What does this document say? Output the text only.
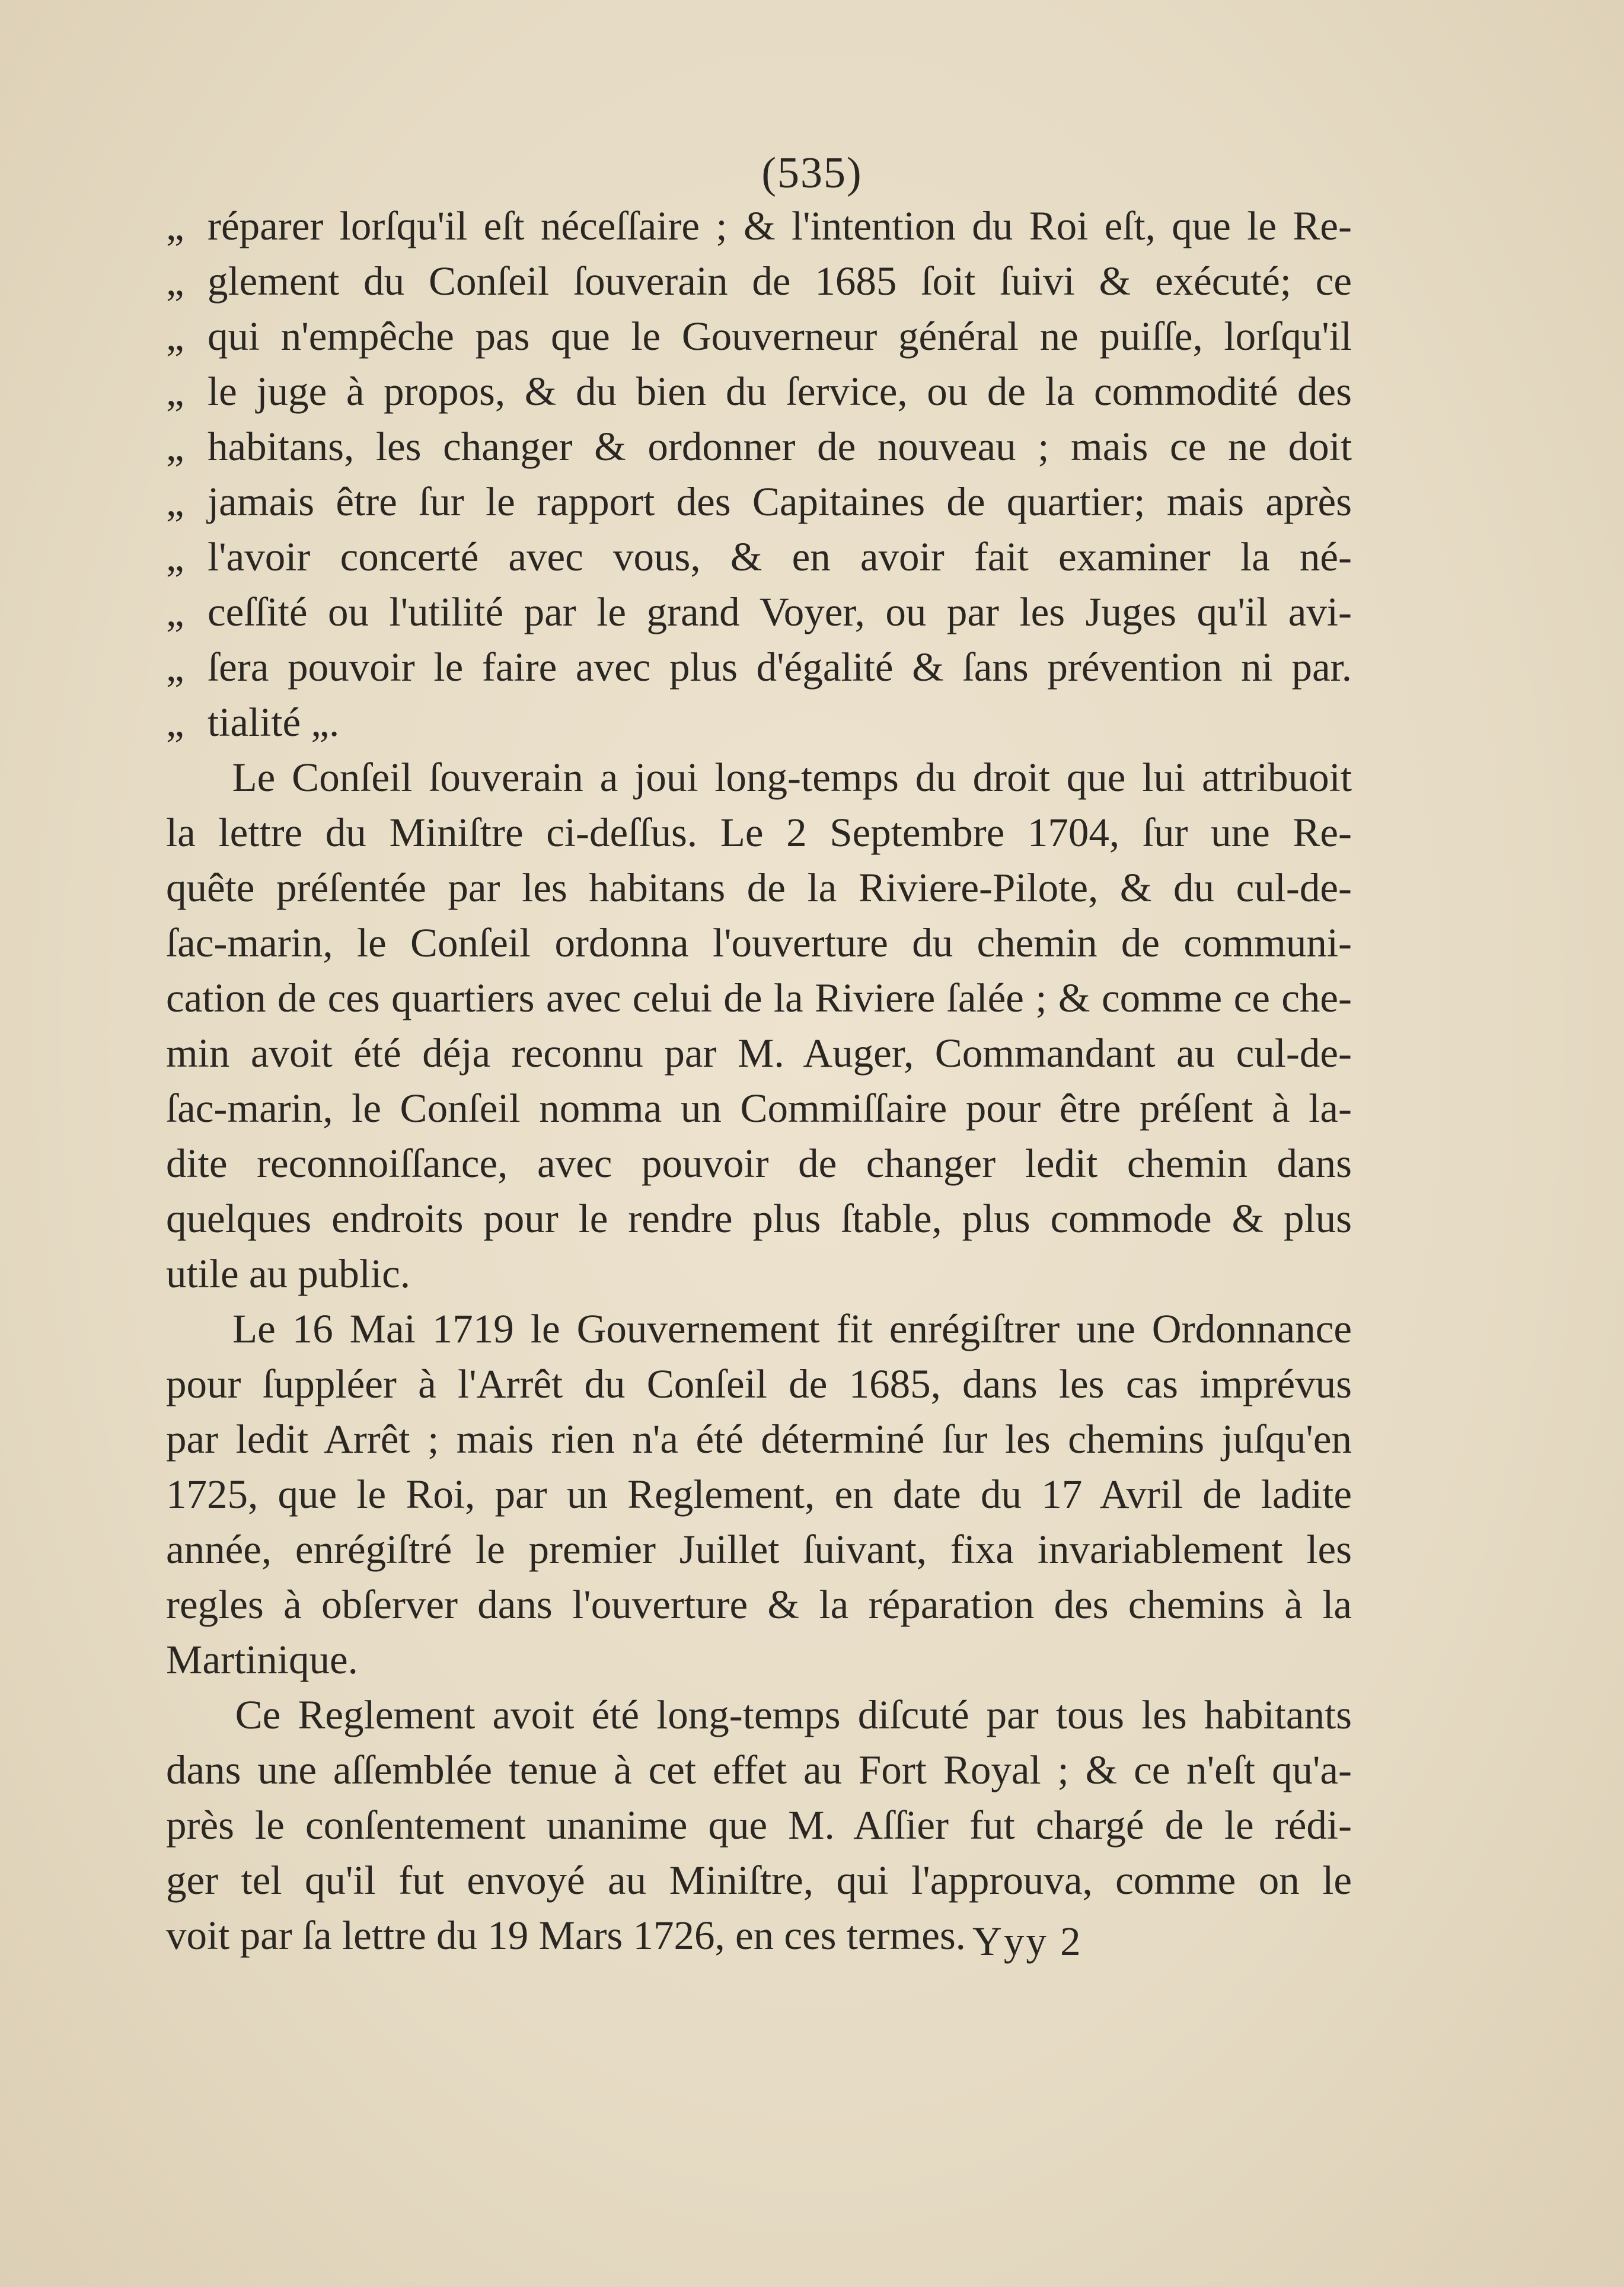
(535)
„ réparer lorſqu'il eſt néceſſaire ; & l'intention du Roi eſt, que le Re-
„ glement du Conſeil ſouverain de 1685 ſoit ſuivi & exécuté; ce
„ qui n'empêche pas que le Gouverneur général ne puiſſe, lorſqu'il
„ le juge à propos, & du bien du ſervice, ou de la commodité des
„ habitans, les changer & ordonner de nouveau ; mais ce ne doit
„ jamais être ſur le rapport des Capitaines de quartier; mais après
„ l'avoir concerté avec vous, & en avoir fait examiner la né-
„ ceſſité ou l'utilité par le grand Voyer, ou par les Juges qu'il avi-
„ ſera pouvoir le faire avec plus d'égalité & ſans prévention ni par.
„ tialité „.
Le Conſeil ſouverain a joui long-temps du droit que lui attribuoit
la lettre du Miniſtre ci-deſſus. Le 2 Septembre 1704, ſur une Re-
quête préſentée par les habitans de la Riviere-Pilote, & du cul-de-
ſac-marin, le Conſeil ordonna l'ouverture du chemin de communi-
cation de ces quartiers avec celui de la Riviere ſalée ; & comme ce che-
min avoit été déja reconnu par M. Auger, Commandant au cul-de-
ſac-marin, le Conſeil nomma un Commiſſaire pour être préſent à la-
dite reconnoiſſance, avec pouvoir de changer ledit chemin dans
quelques endroits pour le rendre plus ſtable, plus commode & plus
utile au public.
Le 16 Mai 1719 le Gouvernement fit enrégiſtrer une Ordonnance
pour ſuppléer à l'Arrêt du Conſeil de 1685, dans les cas imprévus
par ledit Arrêt ; mais rien n'a été déterminé ſur les chemins juſqu'en
1725, que le Roi, par un Reglement, en date du 17 Avril de ladite
année, enrégiſtré le premier Juillet ſuivant, fixa invariablement les
regles à obſerver dans l'ouverture & la réparation des chemins à la
Martinique.
Ce Reglement avoit été long-temps diſcuté par tous les habitants
dans une aſſemblée tenue à cet effet au Fort Royal ; & ce n'eſt qu'a-
près le conſentement unanime que M. Aſſier fut chargé de le rédi-
ger tel qu'il fut envoyé au Miniſtre, qui l'approuva, comme on le
voit par ſa lettre du 19 Mars 1726, en ces termes. Yyy 2
